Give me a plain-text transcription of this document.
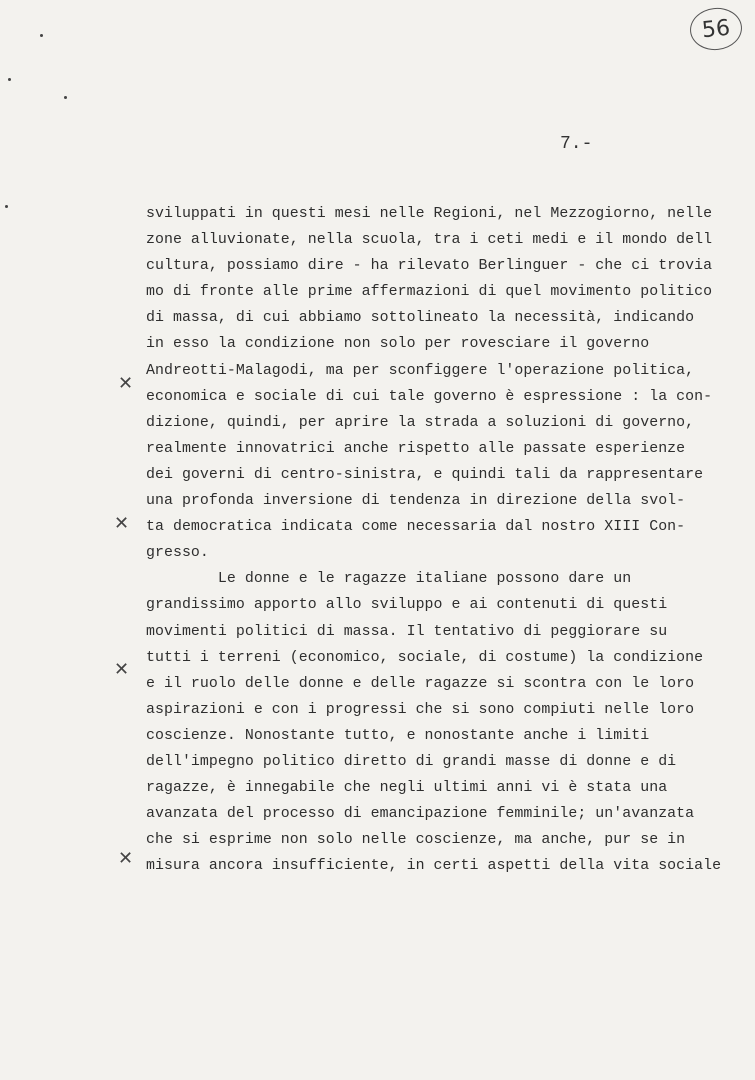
56
7.-
✕
✕
✕
✕
sviluppati in questi mesi nelle Regioni, nel Mezzogiorno, nelle
zone alluvionate, nella scuola, tra i ceti medi e il mondo dell
cultura, possiamo dire - ha rilevato Berlinguer - che ci trovia
mo di fronte alle prime affermazioni di quel movimento politico
di massa, di cui abbiamo sottolineato la necessità, indicando
in esso la condizione non solo per rovesciare il governo
Andreotti-Malagodi, ma per sconfiggere l'operazione politica,
economica e sociale di cui tale governo è espressione : la con-
dizione, quindi, per aprire la strada a soluzioni di governo,
realmente innovatrici anche rispetto alle passate esperienze
dei governi di centro-sinistra, e quindi tali da rappresentare
una profonda inversione di tendenza in direzione della svol-
ta democratica indicata come necessaria dal nostro XIII Con-
gresso.
Le donne e le ragazze italiane possono dare un
grandissimo apporto allo sviluppo e ai contenuti di questi
movimenti politici di massa. Il tentativo di peggiorare su
tutti i terreni (economico, sociale, di costume) la condizione
e il ruolo delle donne e delle ragazze si scontra con le loro
aspirazioni e con i progressi che si sono compiuti nelle loro
coscienze. Nonostante tutto, e nonostante anche i limiti
dell'impegno politico diretto di grandi masse di donne e di
ragazze, è innegabile che negli ultimi anni vi è stata una
avanzata del processo di emancipazione femminile; un'avanzata
che si esprime non solo nelle coscienze, ma anche, pur se in
misura ancora insufficiente, in certi aspetti della vita sociale
